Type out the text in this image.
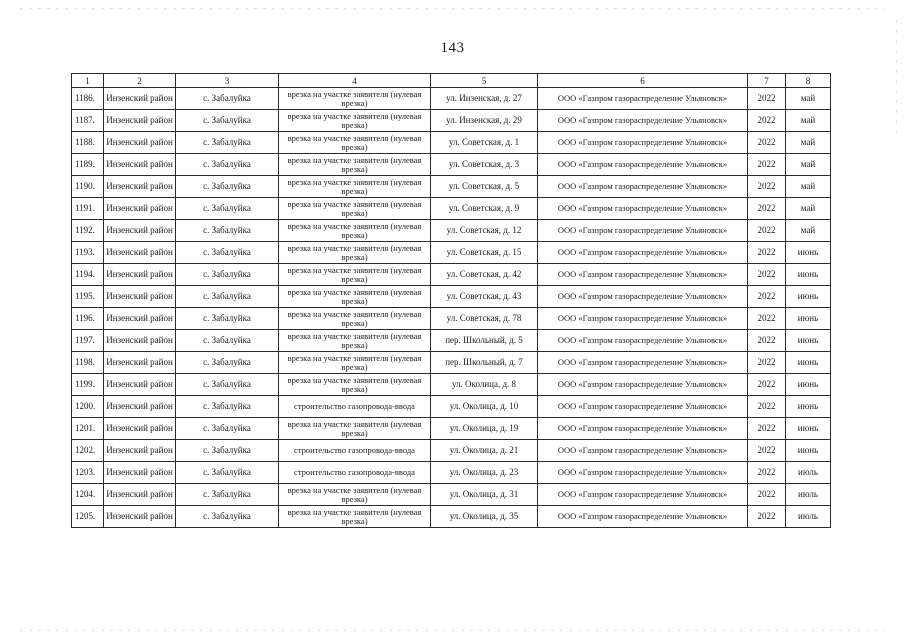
143
1	2	3	4	5	6	7	8
1186.	Инзенский район	с. Забалуйка	врезка на участке заявителя (нулевая врезка)	ул. Инзенская, д. 27	ООО «Газпром газораспределение Ульяновск»	2022	май
1187.	Инзенский район	с. Забалуйка	врезка на участке заявителя (нулевая врезка)	ул. Инзенская, д. 29	ООО «Газпром газораспределение Ульяновск»	2022	май
1188.	Инзенский район	с. Забалуйка	врезка на участке заявителя (нулевая врезка)	ул. Советская, д. 1	ООО «Газпром газораспределение Ульяновск»	2022	май
1189.	Инзенский район	с. Забалуйка	врезка на участке заявителя (нулевая врезка)	ул. Советская, д. 3	ООО «Газпром газораспределение Ульяновск»	2022	май
1190.	Инзенский район	с. Забалуйка	врезка на участке заявителя (нулевая врезка)	ул. Советская, д. 5	ООО «Газпром газораспределение Ульяновск»	2022	май
1191.	Инзенский район	с. Забалуйка	врезка на участке заявителя (нулевая врезка)	ул. Советская, д. 9	ООО «Газпром газораспределение Ульяновск»	2022	май
1192.	Инзенский район	с. Забалуйка	врезка на участке заявителя (нулевая врезка)	ул. Советская, д. 12	ООО «Газпром газораспределение Ульяновск»	2022	май
1193.	Инзенский район	с. Забалуйка	врезка на участке заявителя (нулевая врезка)	ул. Советская, д. 15	ООО «Газпром газораспределение Ульяновск»	2022	июнь
1194.	Инзенский район	с. Забалуйка	врезка на участке заявителя (нулевая врезка)	ул. Советская, д. 42	ООО «Газпром газораспределение Ульяновск»	2022	июнь
1195.	Инзенский район	с. Забалуйка	врезка на участке заявителя (нулевая врезка)	ул. Советская, д. 43	ООО «Газпром газораспределение Ульяновск»	2022	июнь
1196.	Инзенский район	с. Забалуйка	врезка на участке заявителя (нулевая врезка)	ул. Советская, д. 78	ООО «Газпром газораспределение Ульяновск»	2022	июнь
1197.	Инзенский район	с. Забалуйка	врезка на участке заявителя (нулевая врезка)	пер. Школьный, д. 5	ООО «Газпром газораспределение Ульяновск»	2022	июнь
1198.	Инзенский район	с. Забалуйка	врезка на участке заявителя (нулевая врезка)	пер. Школьный, д. 7	ООО «Газпром газораспределение Ульяновск»	2022	июнь
1199.	Инзенский район	с. Забалуйка	врезка на участке заявителя (нулевая врезка)	ул. Околица, д. 8	ООО «Газпром газораспределение Ульяновск»	2022	июнь
1200.	Инзенский район	с. Забалуйка	строительство газопровода-ввода	ул. Околица, д. 10	ООО «Газпром газораспределение Ульяновск»	2022	июнь
1201.	Инзенский район	с. Забалуйка	врезка на участке заявителя (нулевая врезка)	ул. Околица, д. 19	ООО «Газпром газораспределение Ульяновск»	2022	июнь
1202.	Инзенский район	с. Забалуйка	строительство газопровода-ввода	ул. Околица, д. 21	ООО «Газпром газораспределение Ульяновск»	2022	июнь
1203.	Инзенский район	с. Забалуйка	строительство газопровода-ввода	ул. Околица, д. 23	ООО «Газпром газораспределение Ульяновск»	2022	июль
1204.	Инзенский район	с. Забалуйка	врезка на участке заявителя (нулевая врезка)	ул. Околица, д. 31	ООО «Газпром газораспределение Ульяновск»	2022	июль
1205.	Инзенский район	с. Забалуйка	врезка на участке заявителя (нулевая врезка)	ул. Околица, д. 35	ООО «Газпром газораспределение Ульяновск»	2022	июль
